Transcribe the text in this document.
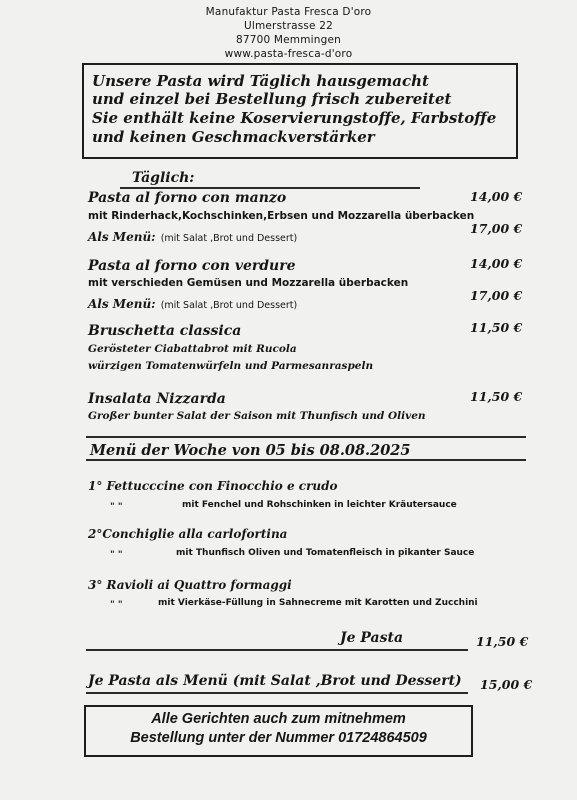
Manufaktur Pasta Fresca D'oro
Ulmerstrasse 22
87700 Memmingen
www.pasta-fresca-d'oro
Unsere Pasta wird Täglich hausgemacht
und einzel bei Bestellung frisch zubereitet
Sie enthält keine Koservierungstoffe, Farbstoffe
und keinen Geschmackverstärker
Täglich:
Pasta al forno con manzo	14,00 €
mit Rinderhack,Kochschinken,Erbsen und Mozzarella überbacken
Als Menü: (mit Salat ,Brot und Dessert)
17,00 €
Pasta al forno con verdure	14,00 €
mit verschieden Gemüsen und Mozzarella überbacken
Als Menü: (mit Salat ,Brot und Dessert)
17,00 €
Bruschetta classica	11,50 €
Gerösteter Ciabattabrot mit Rucola
würzigen Tomatenwürfeln und Parmesanraspeln
Insalata Nizzarda	11,50 €
Großer bunter Salat der Saison mit Thunfisch und Oliven
Menü der Woche von 05 bis 08.08.2025
1° Fettucccine con Finocchio e crudo
" "	mit Fenchel und Rohschinken in leichter Kräutersauce
2°Conchiglie alla carlofortina
" "	mit Thunfisch Oliven und Tomatenfleisch in pikanter Sauce
3° Ravioli ai Quattro formaggi
" "	mit Vierkäse-Füllung in Sahnecreme mit Karotten und Zucchini
Je Pasta	11,50 €
Je Pasta als Menü (mit Salat ,Brot und Dessert) 15,00 €
Alle Gerichten auch zum mitnehmem
Bestellung unter der Nummer 01724864509
